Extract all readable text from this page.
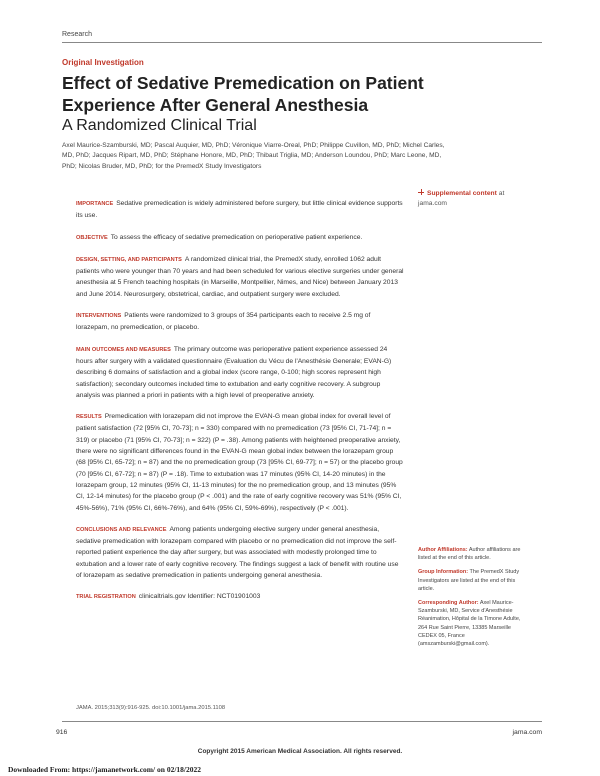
Research
Original Investigation
Effect of Sedative Premedication on Patient Experience After General Anesthesia
A Randomized Clinical Trial
Axel Maurice-Szamburski, MD; Pascal Auquier, MD, PhD; Véronique Viarre-Oreal, PhD; Philippe Cuvillon, MD, PhD; Michel Carles, MD, PhD; Jacques Ripart, MD, PhD; Stéphane Honore, MD, PhD; Thibaut Triglia, MD; Anderson Loundou, PhD; Marc Leone, MD, PhD; Nicolas Bruder, MD, PhD; for the PremedX Study Investigators

IMPORTANCE Sedative premedication is widely administered before surgery, but little clinical evidence supports its use.

OBJECTIVE To assess the efficacy of sedative premedication on perioperative patient experience.

DESIGN, SETTING, AND PARTICIPANTS A randomized clinical trial, the PremedX study, enrolled 1062 adult patients who were younger than 70 years and had been scheduled for various elective surgeries under general anesthesia at 5 French teaching hospitals (in Marseille, Montpellier, Nimes, and Nice) between January 2013 and June 2014. Neurosurgery, obstetrical, cardiac, and outpatient surgery were excluded.

INTERVENTIONS Patients were randomized to 3 groups of 354 participants each to receive 2.5 mg of lorazepam, no premedication, or placebo.

MAIN OUTCOMES AND MEASURES The primary outcome was perioperative patient experience assessed 24 hours after surgery with a validated questionnaire (Evaluation du Vécu de l'Anesthésie Generale; EVAN-G) describing 6 domains of satisfaction and a global index (score range, 0-100; high scores represent high satisfaction); secondary outcomes included time to extubation and early cognitive recovery. A subgroup analysis was planned a priori in patients with a high level of preoperative anxiety.

RESULTS Premedication with lorazepam did not improve the EVAN-G mean global index for overall level of patient satisfaction (72 [95% CI, 70-73]; n = 330) compared with no premedication (73 [95% CI, 71-74]; n = 319) or placebo (71 [95% CI, 70-73]; n = 322) (P = .38). Among patients with heightened preoperative anxiety, there were no significant differences found in the EVAN-G mean global index between the lorazepam group (68 [95% CI, 65-72]; n = 87) and the no premedication group (73 [95% CI, 69-77]; n = 57) or the placebo group (70 [95% CI, 67-72]; n = 87) (P = .18). Time to extubation was 17 minutes (95% CI, 14-20 minutes) in the lorazepam group, 12 minutes (95% CI, 11-13 minutes) for the no premedication group, and 13 minutes (95% CI, 12-14 minutes) for the placebo group (P < .001) and the rate of early cognitive recovery was 51% (95% CI, 45%-56%), 71% (95% CI, 66%-76%), and 64% (95% CI, 59%-69%), respectively (P < .001).

CONCLUSIONS AND RELEVANCE Among patients undergoing elective surgery under general anesthesia, sedative premedication with lorazepam compared with placebo or no premedication did not improve the self-reported patient experience the day after surgery, but was associated with modestly prolonged time to extubation and a lower rate of early cognitive recovery. The findings suggest a lack of benefit with routine use of lorazepam as sedative premedication in patients undergoing general anesthesia.

TRIAL REGISTRATION clinicaltrials.gov Identifier: NCT01901003

Supplemental content at jama.com

Author Affiliations: Author affiliations are listed at the end of this article.

Group Information: The PremedX Study Investigators are listed at the end of this article.

Corresponding Author: Axel Maurice-Szamburski, MD, Service d'Anesthésie Réanimation, Hôpital de la Timone Adulte, 264 Rue Saint Pierre, 13385 Marseille CEDEX 05, France (amszamburski@gmail.com).

JAMA. 2015;313(9):916-925. doi:10.1001/jama.2015.1108
916	jama.com
Copyright 2015 American Medical Association. All rights reserved.
Downloaded From: https://jamanetwork.com/ on 02/18/2022
